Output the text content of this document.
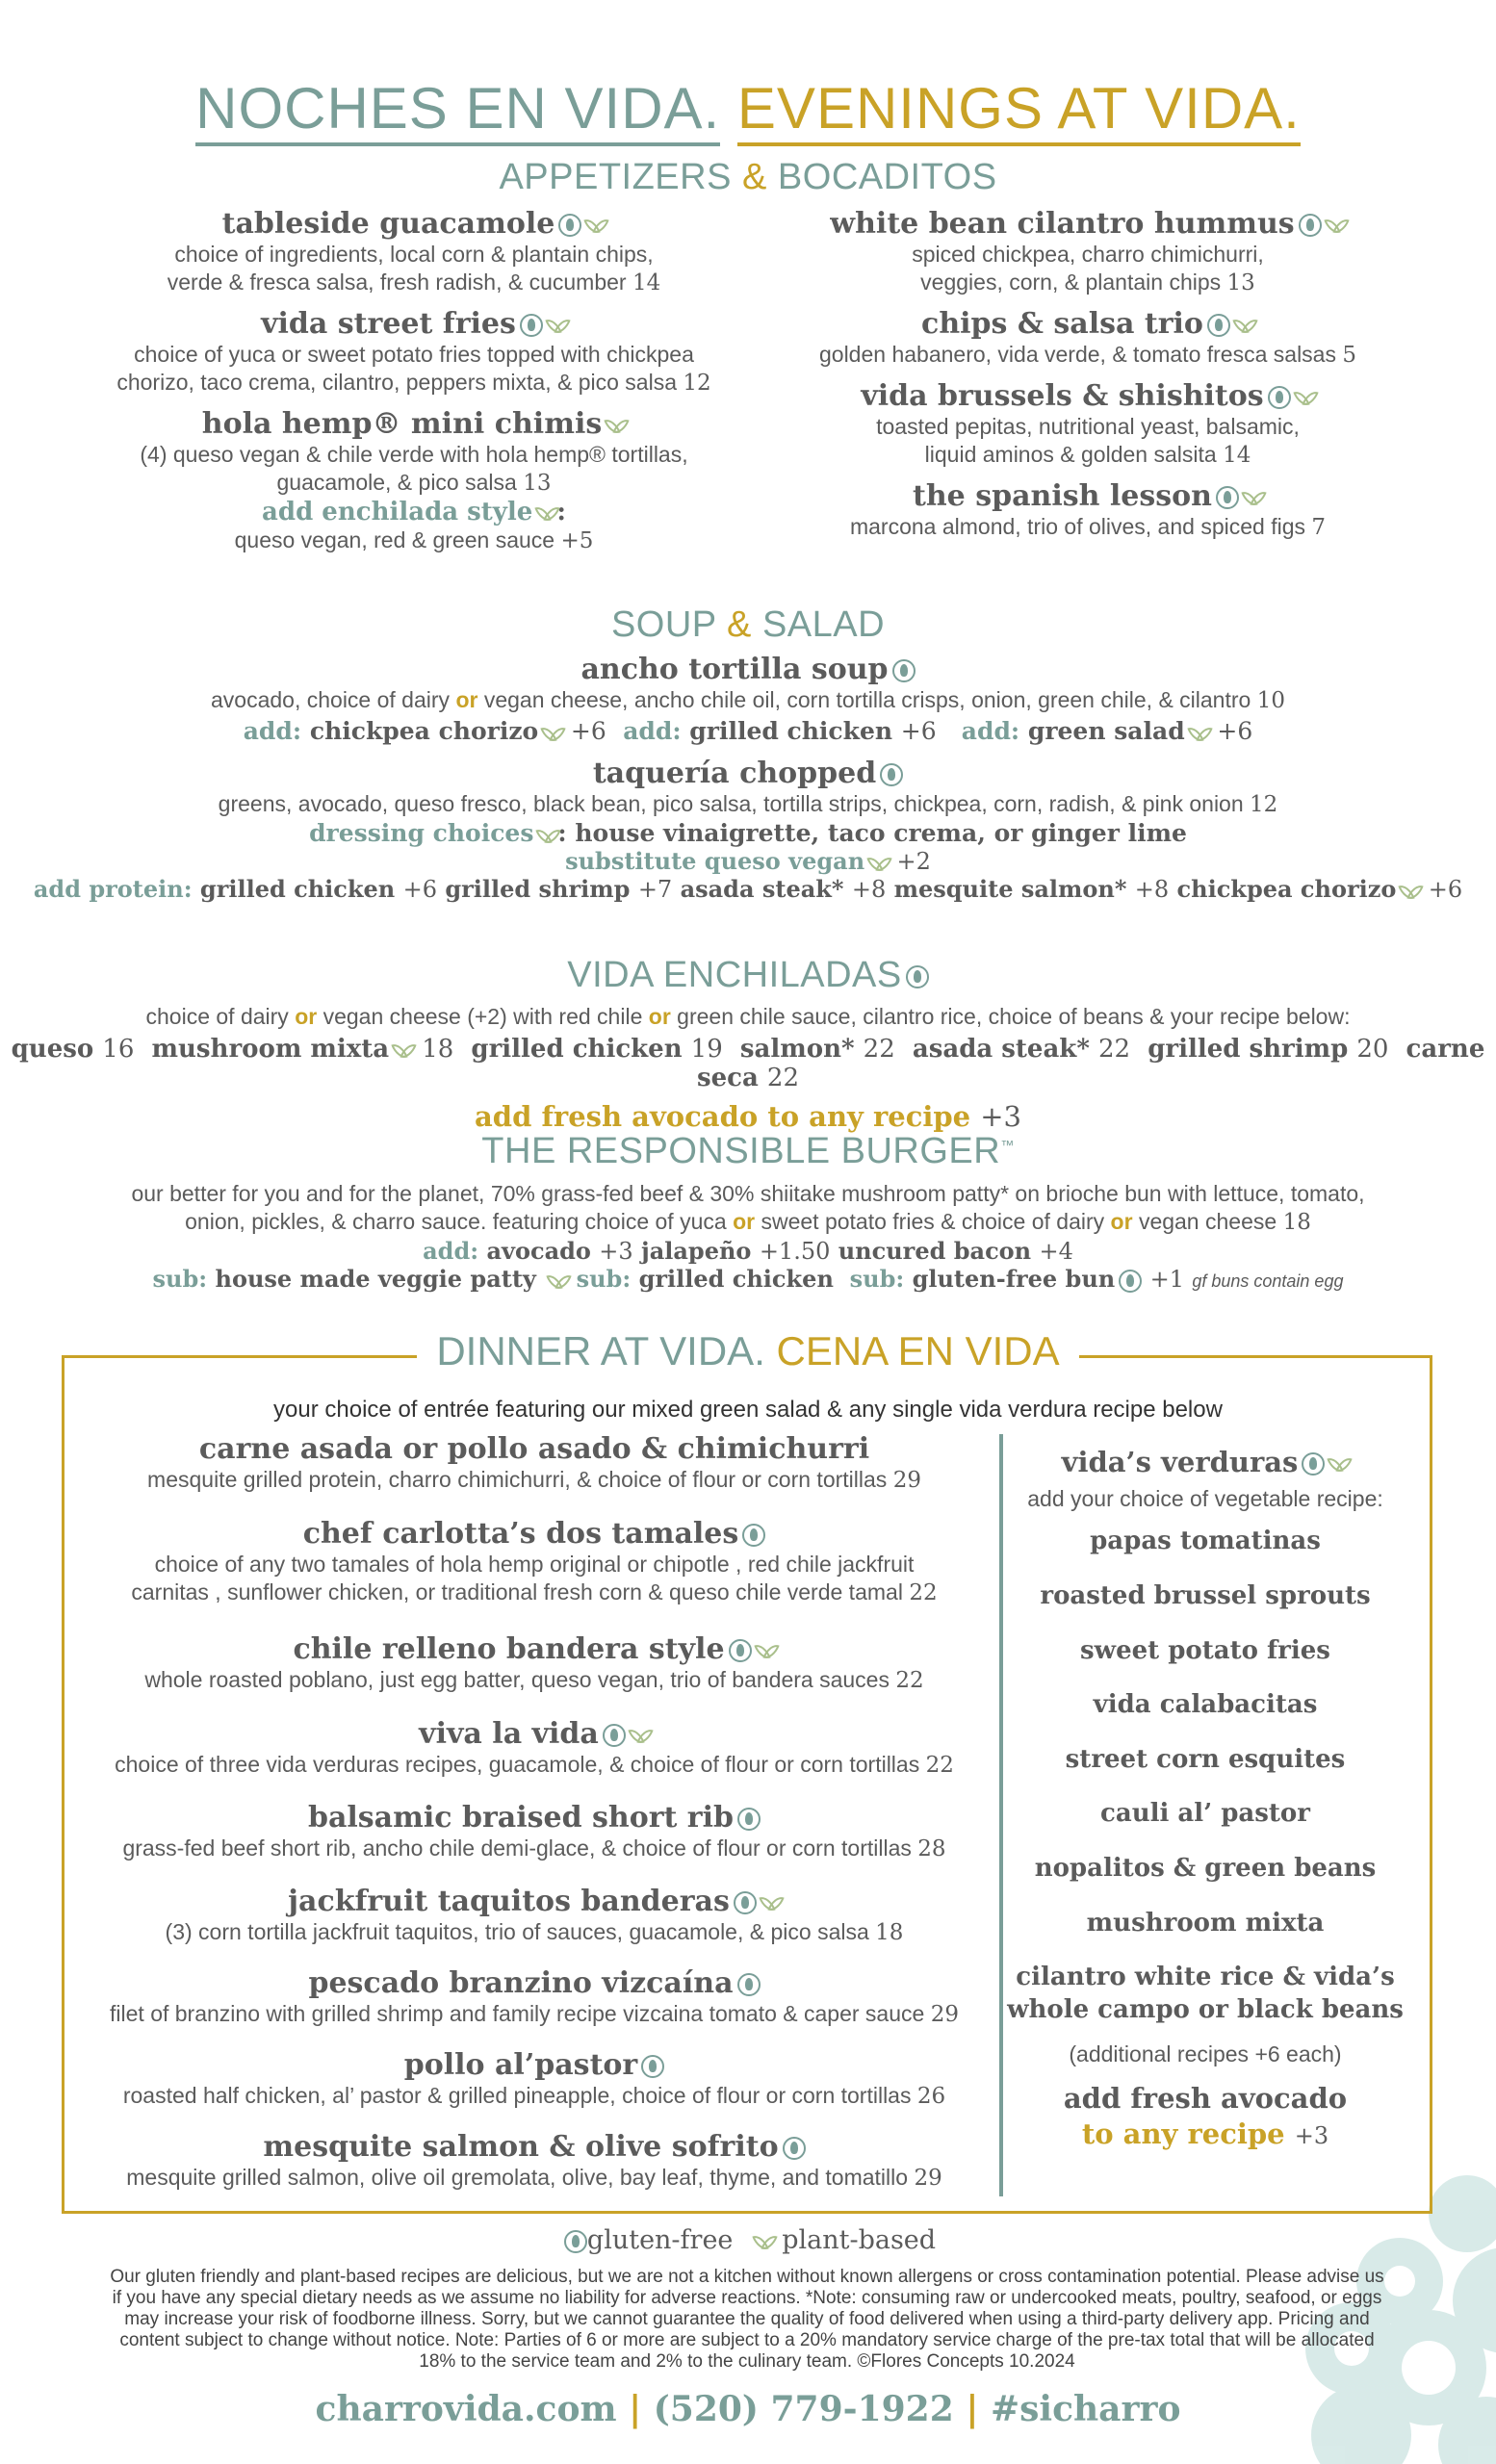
NOCHES EN VIDA. EVENINGS AT VIDA.
APPETIZERS & BOCADITOS
tableside guacamole
choice of ingredients, local corn & plantain chips,
verde & fresca salsa, fresh radish, & cucumber 14
vida street fries
choice of yuca or sweet potato fries topped with chickpea
chorizo, taco crema, cilantro, peppers mixta, & pico salsa 12
hola hemp® mini chimis
(4) queso vegan & chile verde with hola hemp® tortillas,
guacamole, & pico salsa 13
add enchilada style :
queso vegan, red & green sauce +5
white bean cilantro hummus
spiced chickpea, charro chimichurri,
veggies, corn, & plantain chips 13
chips & salsa trio
golden habanero, vida verde, & tomato fresca salsas 5
vida brussels & shishitos
toasted pepitas, nutritional yeast, balsamic,
liquid aminos & golden salsita 14
the spanish lesson
marcona almond, trio of olives, and spiced figs 7
SOUP & SALAD
ancho tortilla soup
avocado, choice of dairy or vegan cheese, ancho chile oil, corn tortilla crisps, onion, green chile, & cilantro 10
add: chickpea chorizo +6 add: grilled chicken +6 add: green salad +6
taquería chopped
greens, avocado, queso fresco, black bean, pico salsa, tortilla strips, chickpea, corn, radish, & pink onion 12
dressing choices : house vinaigrette, taco crema, or ginger lime
substitute queso vegan +2
add protein: grilled chicken +6 grilled shrimp +7 asada steak* +8 mesquite salmon* +8 chickpea chorizo +6
VIDA ENCHILADAS
choice of dairy or vegan cheese (+2) with red chile or green chile sauce, cilantro rice, choice of beans & your recipe below:
queso 16 mushroom mixta 18 grilled chicken 19 salmon* 22 asada steak* 22 grilled shrimp 20 carne seca 22
add fresh avocado to any recipe +3
THE RESPONSIBLE BURGER™
our better for you and for the planet, 70% grass-fed beef & 30% shiitake mushroom patty* on brioche bun with lettuce, tomato,
onion, pickles, & charro sauce. featuring choice of yuca or sweet potato fries & choice of dairy or vegan cheese 18
add: avocado +3 jalapeño +1.50 uncured bacon +4
sub: house made veggie patty sub: grilled chicken sub: gluten-free bun +1 gf buns contain egg
DINNER AT VIDA. CENA EN VIDA
your choice of entrée featuring our mixed green salad & any single vida verdura recipe below
carne asada or pollo asado & chimichurri
mesquite grilled protein, charro chimichurri, & choice of flour or corn tortillas 29
chef carlotta’s dos tamales
choice of any two tamales of hola hemp original or chipotle , red chile jackfruit
carnitas , sunflower chicken, or traditional fresh corn & queso chile verde tamal 22
chile relleno bandera style
whole roasted poblano, just egg batter, queso vegan, trio of bandera sauces 22
viva la vida
choice of three vida verduras recipes, guacamole, & choice of flour or corn tortillas 22
balsamic braised short rib
grass-fed beef short rib, ancho chile demi-glace, & choice of flour or corn tortillas 28
jackfruit taquitos banderas
(3) corn tortilla jackfruit taquitos, trio of sauces, guacamole, & pico salsa 18
pescado branzino vizcaína
filet of branzino with grilled shrimp and family recipe vizcaina tomato & caper sauce 29
pollo al’pastor
roasted half chicken, al’ pastor & grilled pineapple, choice of flour or corn tortillas 26
mesquite salmon & olive sofrito
mesquite grilled salmon, olive oil gremolata, olive, bay leaf, thyme, and tomatillo 29
vida’s verduras
add your choice of vegetable recipe:
papas tomatinas
roasted brussel sprouts
sweet potato fries
vida calabacitas
street corn esquites
cauli al’ pastor
nopalitos & green beans
mushroom mixta
cilantro white rice & vida’s
whole campo or black beans
(additional recipes +6 each)
add fresh avocado
to any recipe +3
gluten-free plant-based
Our gluten friendly and plant-based recipes are delicious, but we are not a kitchen without known allergens or cross contamination potential. Please advise us
if you have any special dietary needs as we assume no liability for adverse reactions. *Note: consuming raw or undercooked meats, poultry, seafood, or eggs
may increase your risk of foodborne illness. Sorry, but we cannot guarantee the quality of food delivered when using a third-party delivery app. Pricing and
content subject to change without notice. Note: Parties of 6 or more are subject to a 20% mandatory service charge of the pre-tax total that will be allocated
18% to the service team and 2% to the culinary team. ©Flores Concepts 10.2024
charrovida.com | (520) 779-1922 | #sicharro
